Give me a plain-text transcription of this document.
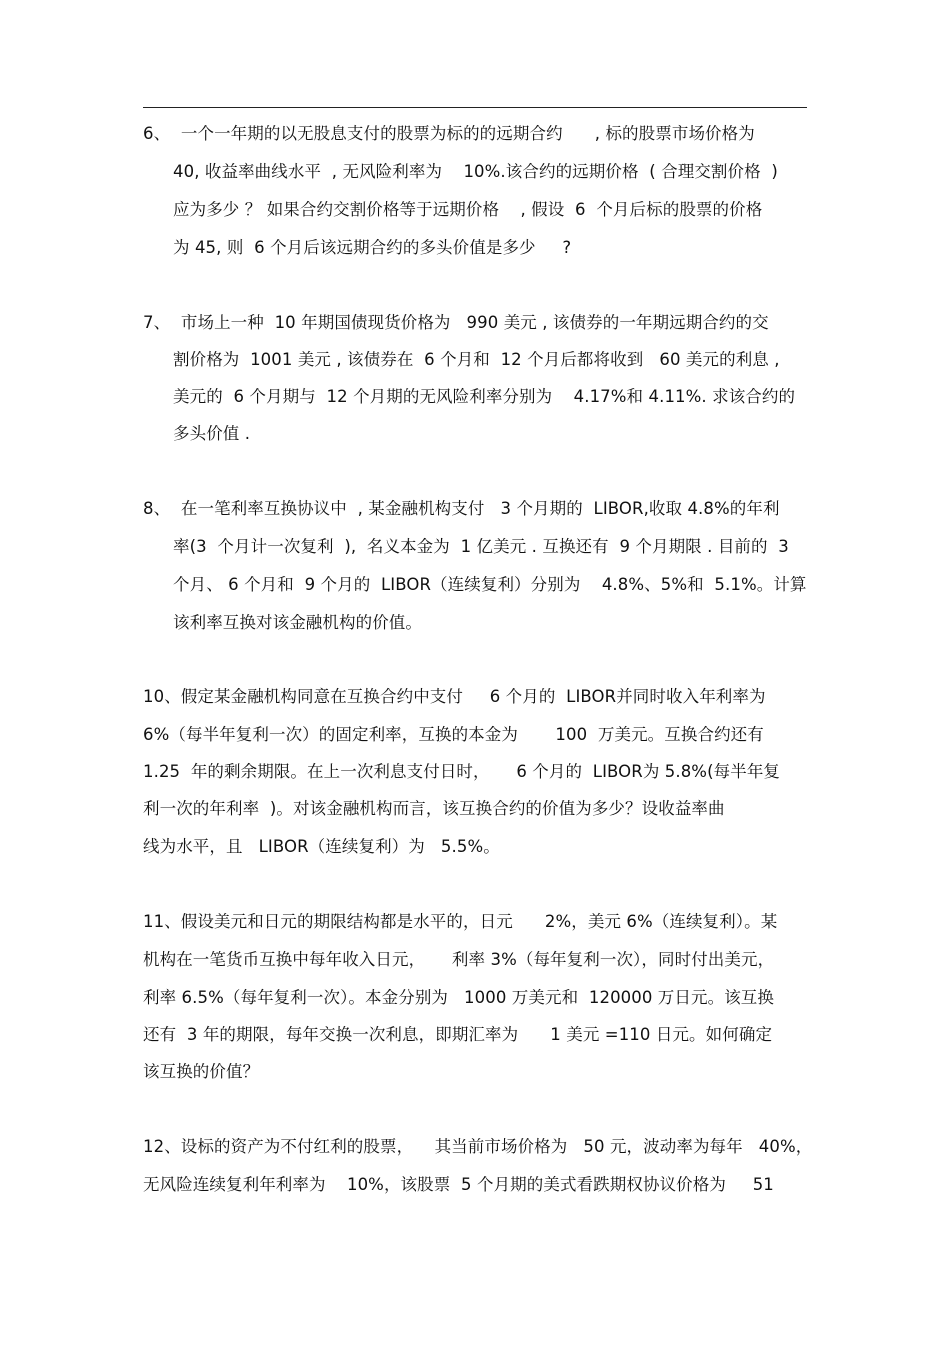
6、  一个一年期的以无股息支付的股票为标的的远期合约      , 标的股票市场价格为
40, 收益率曲线水平  , 无风险利率为    10%.该合约的远期价格  ( 合理交割价格  )
应为多少 ？ 如果合约交割价格等于远期价格    , 假设  6  个月后标的股票的价格
为 45, 则  6 个月后该远期合约的多头价值是多少     ?
7、  市场上一种  10 年期国债现货价格为   990 美元 , 该债券的一年期远期合约的交
割价格为  1001 美元 , 该债券在  6 个月和  12 个月后都将收到   60 美元的利息 ,
美元的  6 个月期与  12 个月期的无风险利率分别为    4.17%和 4.11%. 求该合约的
多头价值 .
8、  在一笔利率互换协议中  , 某金融机构支付   3 个月期的  LIBOR,收取 4.8%的年利
率(3  个月计一次复利  ),  名义本金为  1 亿美元 . 互换还有  9 个月期限 . 目前的  3
个月、 6 个月和  9 个月的  LIBOR（连续复利）分别为    4.8%、5%和  5.1%。计算
该利率互换对该金融机构的价值。
10、假定某金融机构同意在互换合约中支付     6 个月的  LIBOR并同时收入年利率为
6%（每半年复利一次）的固定利率，互换的本金为       100  万美元。互换合约还有
1.25  年的剩余期限。在上一次利息支付日时，     6 个月的  LIBOR为 5.8%(每半年复
利一次的年利率  )。对该金融机构而言，该互换合约的价值为多少？设收益率曲
线为水平，且   LIBOR（连续复利）为   5.5%。
11、假设美元和日元的期限结构都是水平的，日元      2%，美元 6%（连续复利）。某
机构在一笔货币互换中每年收入日元，     利率 3%（每年复利一次），同时付出美元，
利率 6.5%（每年复利一次）。本金分别为   1000 万美元和  120000 万日元。该互换
还有  3 年的期限，每年交换一次利息，即期汇率为      1 美元 =110 日元。如何确定
该互换的价值？
12、设标的资产为不付红利的股票，    其当前市场价格为   50 元，波动率为每年   40%，
无风险连续复利年利率为    10%，该股票  5 个月期的美式看跌期权协议价格为     51
